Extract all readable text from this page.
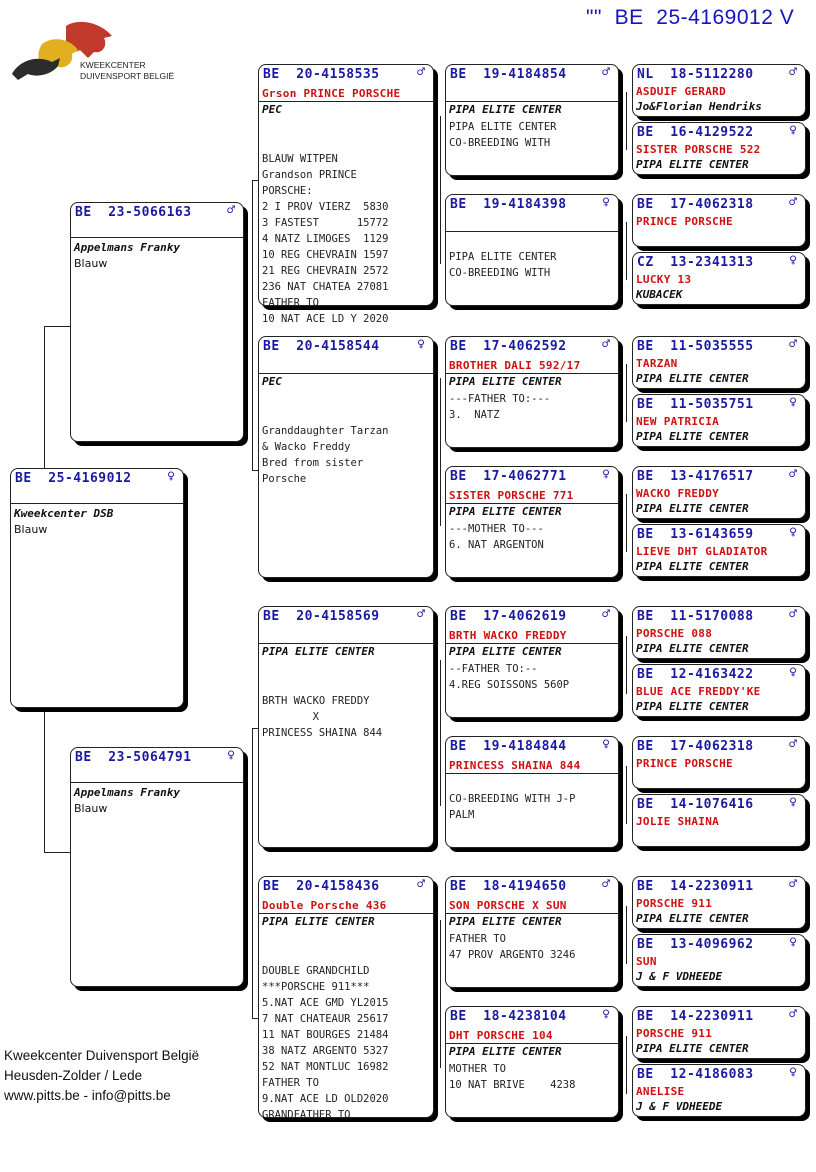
""  BE  25-4169012 V
KWEEKCENTER
DUIVENSPORT BELGIË
BE  25-4169012	♀
Kweekcenter DSB
Blauw
BE  23-5066163	♂
Appelmans Franky
Blauw
BE  23-5064791	♀
Appelmans Franky
Blauw
BE  20-4158535	♂
Grson PRINCE PORSCHE
PEC

BLAUW WITPEN
Grandson PRINCE
PORSCHE:
2 I PROV VIERZ  5830
3 FASTEST      15772
4 NATZ LIMOGES  1129
10 REG CHEVRAIN 1597
21 REG CHEVRAIN 2572
236 NAT CHATEA 27081
FATHER TO
10 NAT ACE LD Y 2020

BE  20-4158544	♀
PEC

Granddaughter Tarzan
& Wacko Freddy
Bred from sister
Porsche

BE  20-4158569	♂
PIPA ELITE CENTER

BRTH WACKO FREDDY
X
PRINCESS SHAINA 844

BE  20-4158436	♂
Double Porsche 436
PIPA ELITE CENTER

DOUBLE GRANDCHILD
***PORSCHE 911***
5.NAT ACE GMD YL2015
7 NAT CHATEAUR 25617
11 NAT BOURGES 21484
38 NATZ ARGENTO 5327
52 NAT MONTLUC 16982
FATHER TO
9.NAT ACE LD OLD2020
GRANDFATHER TO

BE  19-4184854	♂
PIPA ELITE CENTER
PIPA ELITE CENTER
CO-BREEDING WITH
BE  19-4184398	♀
PIPA ELITE CENTER
CO-BREEDING WITH
BE  17-4062592	♂
BROTHER DALI 592/17
PIPA ELITE CENTER
---FATHER TO:---
3.  NATZ
BE  17-4062771	♀
SISTER PORSCHE 771
PIPA ELITE CENTER
---MOTHER TO---
6. NAT ARGENTON
BE  17-4062619	♂
BRTH WACKO FREDDY
PIPA ELITE CENTER
--FATHER TO:--
4.REG SOISSONS 560P
BE  19-4184844	♀
PRINCESS SHAINA 844
CO-BREEDING WITH J-P
PALM
BE  18-4194650	♂
SON PORSCHE X SUN
PIPA ELITE CENTER
FATHER TO
47 PROV ARGENTO 3246
BE  18-4238104	♀
DHT PORSCHE 104
PIPA ELITE CENTER
MOTHER TO
10 NAT BRIVE    4238
NL  18-5112280	♂
ASDUIF GERARD
Jo&Florian Hendriks
BE  16-4129522	♀
SISTER PORSCHE 522
PIPA ELITE CENTER
BE  17-4062318	♂
PRINCE PORSCHE
CZ  13-2341313	♀
LUCKY 13
KUBACEK
BE  11-5035555	♂
TARZAN
PIPA ELITE CENTER
BE  11-5035751	♀
NEW PATRICIA
PIPA ELITE CENTER
BE  13-4176517	♂
WACKO FREDDY
PIPA ELITE CENTER
BE  13-6143659	♀
LIEVE DHT GLADIATOR
PIPA ELITE CENTER
BE  11-5170088	♂
PORSCHE 088
PIPA ELITE CENTER
BE  12-4163422	♀
BLUE ACE FREDDY'KE
PIPA ELITE CENTER
BE  17-4062318	♂
PRINCE PORSCHE
BE  14-1076416	♀
JOLIE SHAINA
BE  14-2230911	♂
PORSCHE 911
PIPA ELITE CENTER
BE  13-4096962	♀
SUN
J & F VDHEEDE
BE  14-2230911	♂
PORSCHE 911
PIPA ELITE CENTER
BE  12-4186083	♀
ANELISE
J & F VDHEEDE
Kweekcenter Duivensport België
Heusden-Zolder / Lede
www.pitts.be - info@pitts.be
